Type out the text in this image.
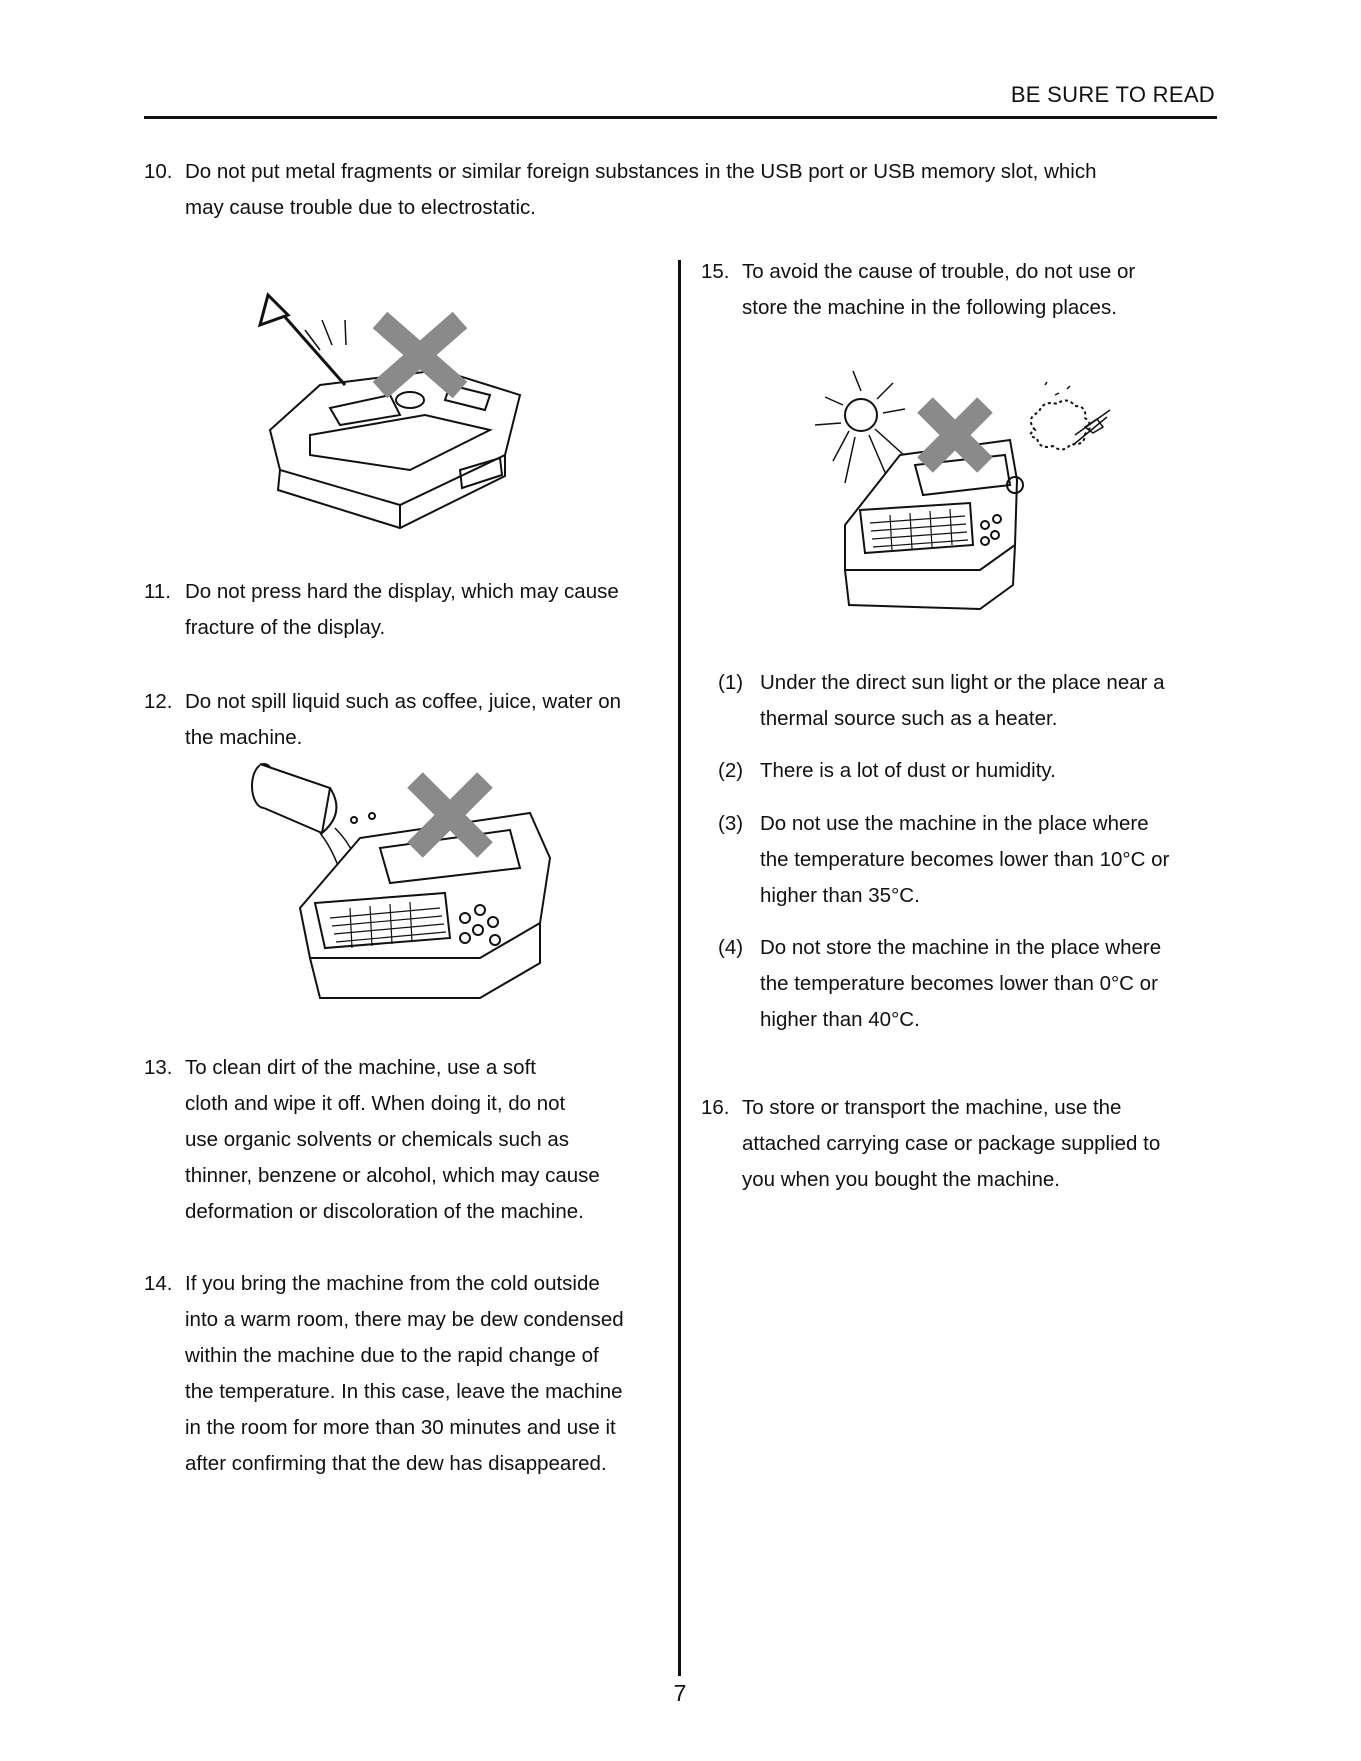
BE SURE TO READ
10. Do not put metal fragments or similar foreign substances in the USB port or USB memory slot, which
may cause trouble due to electrostatic.
11. Do not press hard the display, which may cause
fracture of the display.
12. Do not spill liquid such as coffee, juice, water on
the machine.
13. To clean dirt of the machine, use a soft
cloth and wipe it off. When doing it, do not
use organic solvents or chemicals such as
thinner, benzene or alcohol, which may cause
deformation or discoloration of the machine.
14. If you bring the machine from the cold outside
into a warm room, there may be dew condensed
within the machine due to the rapid change of
the temperature. In this case, leave the machine
in the room for more than 30 minutes and use it
after confirming that the dew has disappeared.
15. To avoid the cause of trouble, do not use or
store the machine in the following places.
(1) Under the direct sun light or the place near a
thermal source such as a heater.
(2) There is a lot of dust or humidity.
(3) Do not use the machine in the place where
the temperature becomes lower than 10°C or
higher than 35°C.
(4) Do not store the machine in the place where
the temperature becomes lower than 0°C or
higher than 40°C.
16. To store or transport the machine, use the
attached carrying case or package supplied to
you when you bought the machine.
7
